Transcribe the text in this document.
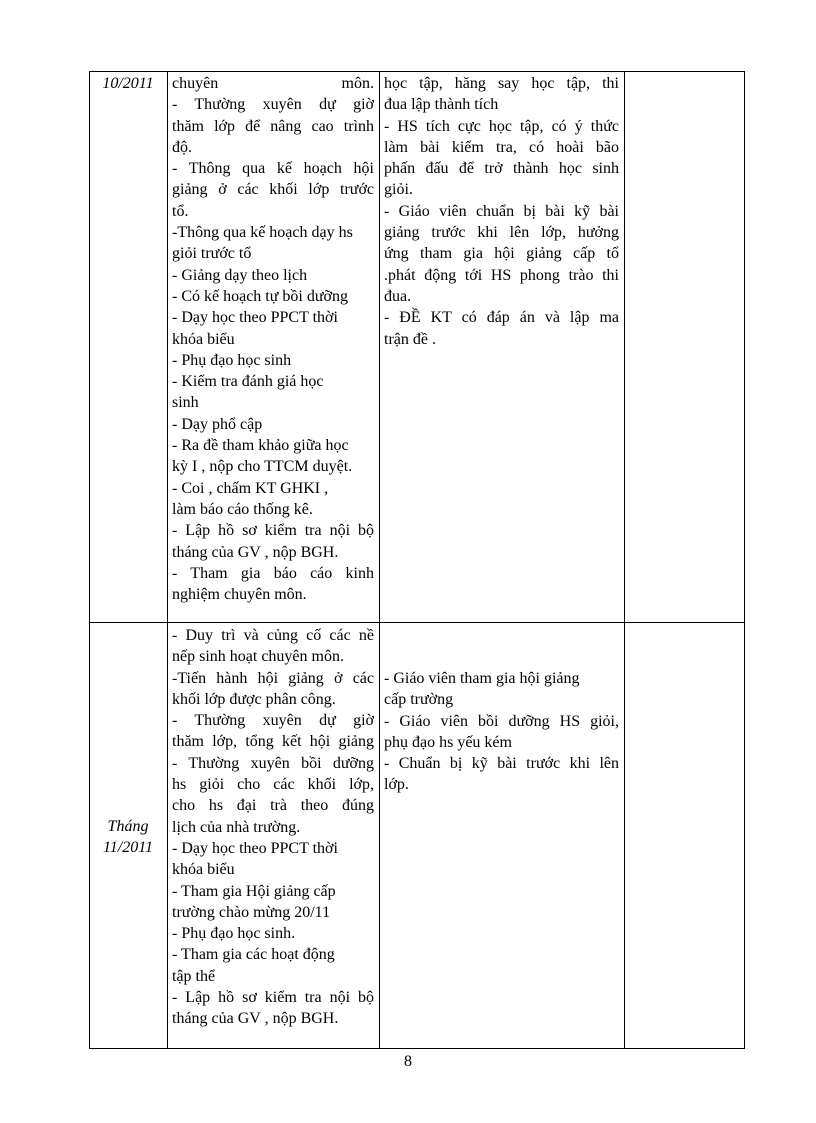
10/2011	chuyên môn.
- Thường xuyên dự giờ
thăm lớp để nâng cao trình
độ.
- Thông qua kế hoạch hội
giảng ở các khối lớp trước
tổ.
-Thông qua kế hoạch dạy hs
giỏi trước tổ
- Giảng dạy theo lịch
- Có kế hoạch tự bồi dưỡng
- Dạy học theo PPCT thời
khóa biểu
- Phụ đạo học sinh
- Kiểm tra đánh giá học
sinh
- Dạy phổ cập
- Ra đề tham khảo giữa học
kỳ I , nộp cho TTCM duyệt.
- Coi , chấm KT GHKI ,
làm báo cáo thống kê.
- Lập hồ sơ kiểm tra nội bộ
tháng của GV , nộp BGH.
- Tham gia báo cáo kinh
nghiệm chuyên môn.
học tập, hăng say học tập, thi
đua lập thành tích
- HS tích cực học tập, có ý thức
làm bài kiểm tra, có hoài bão
phấn đấu để trở thành học sinh
giỏi.
- Giáo viên chuẩn bị bài kỹ bài
giảng trước khi lên lớp, hưởng
ứng tham gia hội giảng cấp tổ
.phát động tới HS phong trào thi
đua.
- ĐỀ KT có đáp án và lập ma
trận đề .
Tháng
11/2011
- Duy trì và củng cố các nề
nếp sinh hoạt chuyên môn.
-Tiến hành hội giảng ở các
khối lớp được phân công.
- Thường xuyên dự giờ
thăm lớp, tổng kết hội giảng
- Thường xuyên bồi dưỡng
hs giỏi cho các khối lớp,
cho hs đại trà theo đúng
lịch của nhà trường.
- Dạy học theo PPCT thời
khóa biểu
- Tham gia Hội giảng cấp
trường chào mừng 20/11
- Phụ đạo học sinh.
- Tham gia các hoạt động
tập thể
- Lập hồ sơ kiểm tra nội bộ
tháng của GV , nộp BGH.
- Giáo viên tham gia hội giảng
cấp trường
- Giáo viên bồi dưỡng HS giỏi,
phụ đạo hs yếu kém
- Chuẩn bị kỹ bài trước khi lên
lớp.
8
